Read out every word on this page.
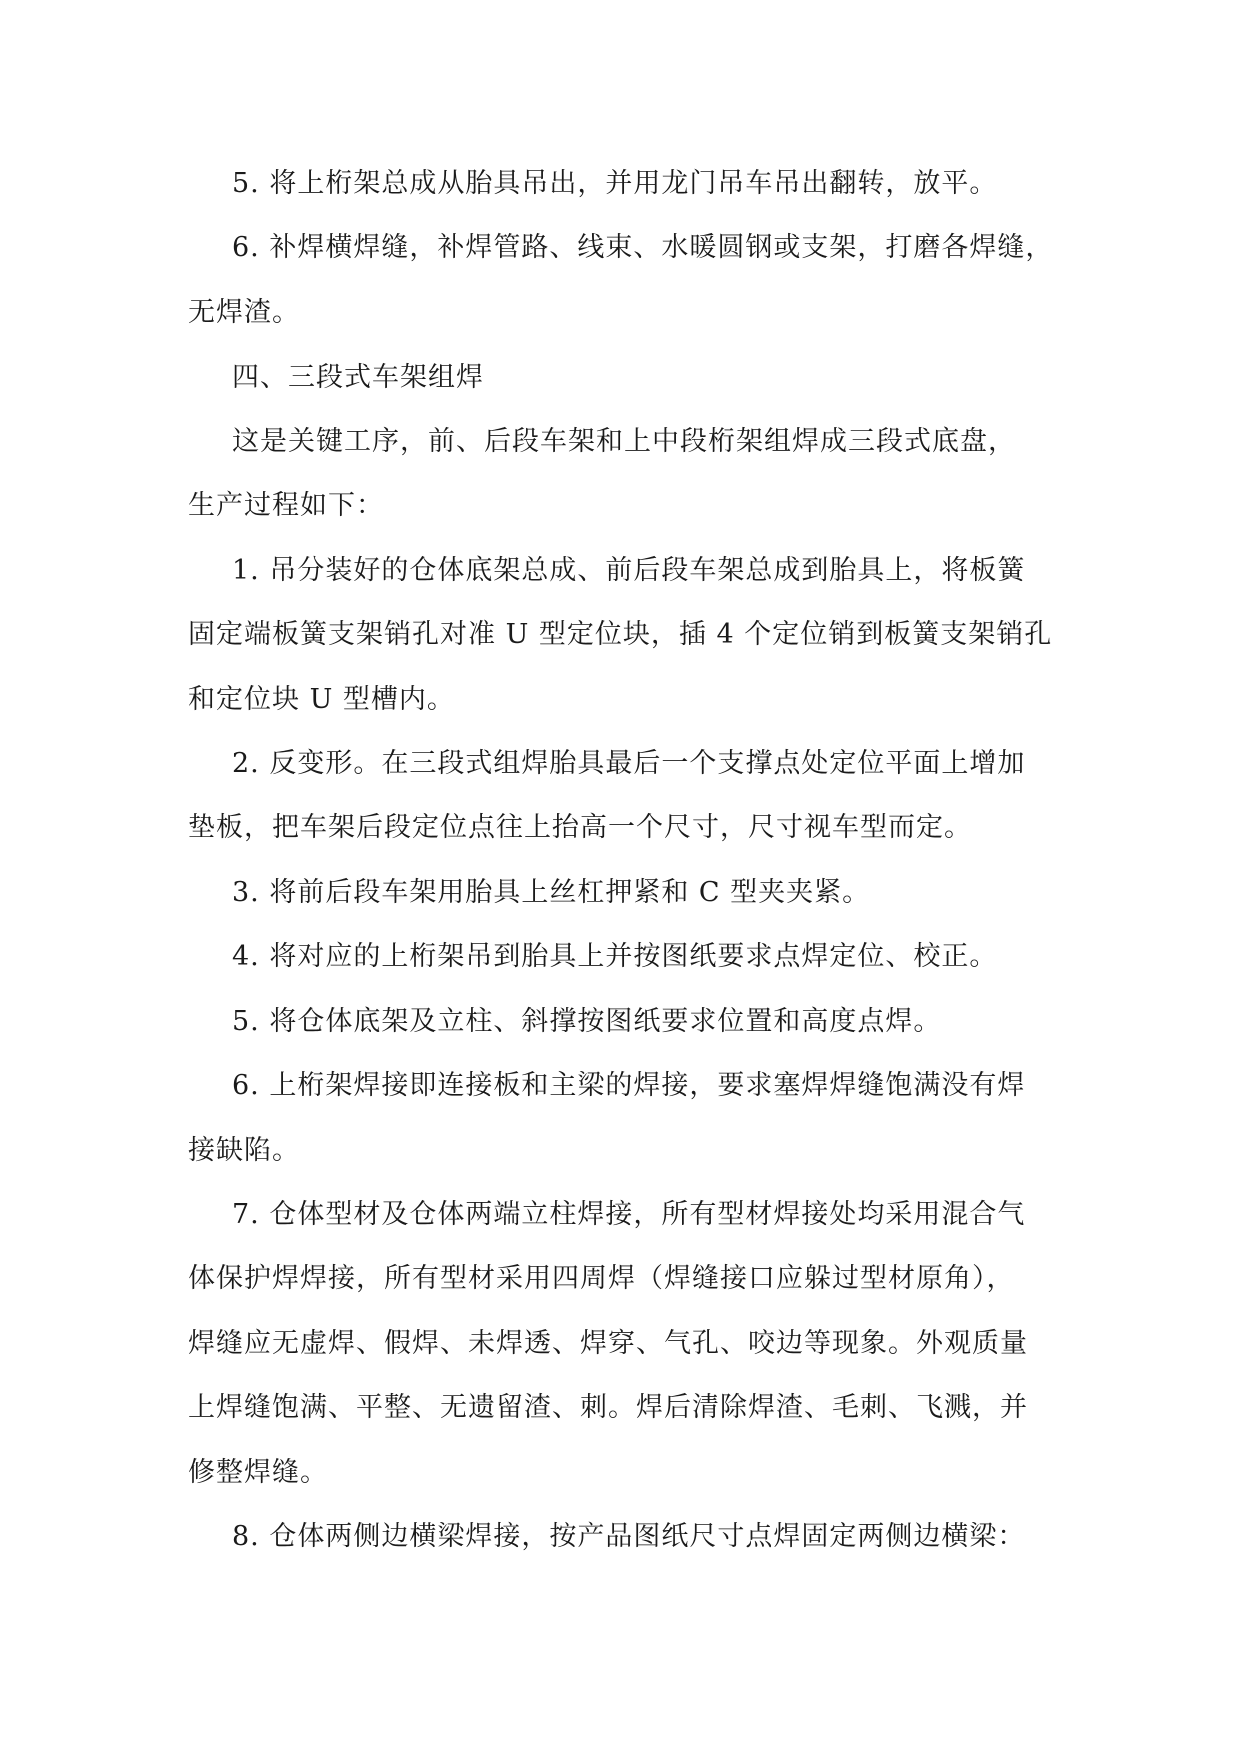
5. 将上桁架总成从胎具吊出，并用龙门吊车吊出翻转，放平。

6. 补焊横焊缝，补焊管路、线束、水暖圆钢或支架，打磨各焊缝，

无焊渣。

四、三段式车架组焊

这是关键工序，前、后段车架和上中段桁架组焊成三段式底盘，

生产过程如下：

1. 吊分装好的仓体底架总成、前后段车架总成到胎具上，将板簧

固定端板簧支架销孔对准 U 型定位块，插 4 个定位销到板簧支架销孔

和定位块 U 型槽内。

2. 反变形。在三段式组焊胎具最后一个支撑点处定位平面上增加

垫板，把车架后段定位点往上抬高一个尺寸，尺寸视车型而定。

3. 将前后段车架用胎具上丝杠押紧和 C 型夹夹紧。

4. 将对应的上桁架吊到胎具上并按图纸要求点焊定位、校正。

5. 将仓体底架及立柱、斜撑按图纸要求位置和高度点焊。

6. 上桁架焊接即连接板和主梁的焊接，要求塞焊焊缝饱满没有焊

接缺陷。

7. 仓体型材及仓体两端立柱焊接，所有型材焊接处均采用混合气

体保护焊焊接，所有型材采用四周焊（焊缝接口应躲过型材原角），

焊缝应无虚焊、假焊、未焊透、焊穿、气孔、咬边等现象。外观质量

上焊缝饱满、平整、无遗留渣、刺。焊后清除焊渣、毛刺、飞溅，并

修整焊缝。

8. 仓体两侧边横梁焊接，按产品图纸尺寸点焊固定两侧边横梁：
